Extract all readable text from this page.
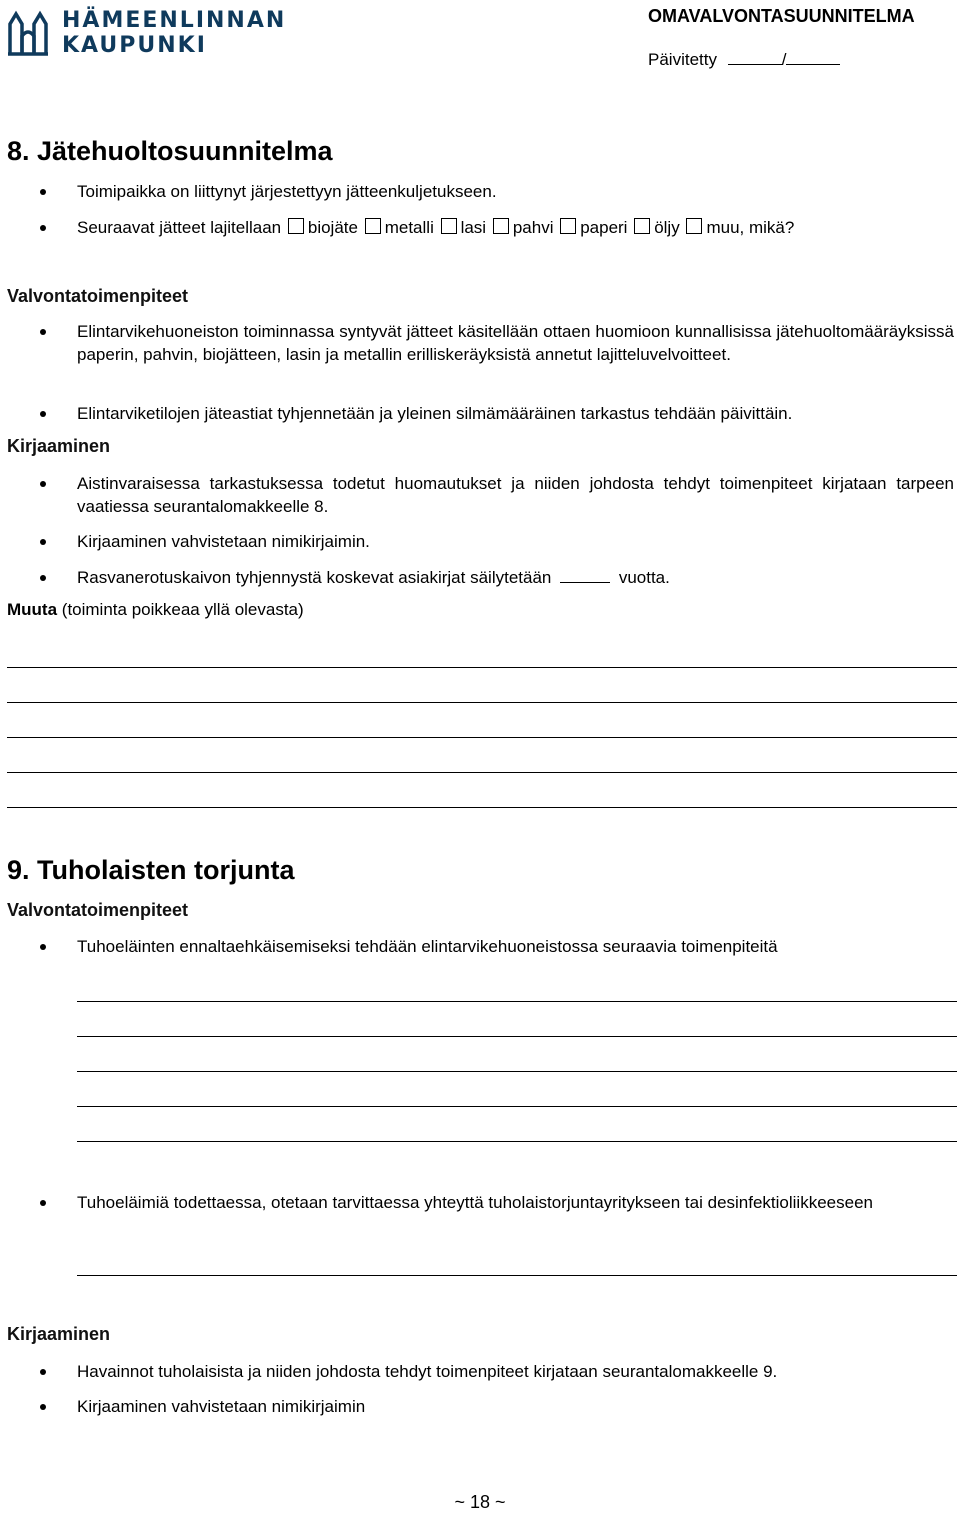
HÄMEENLINNAN
KAUPUNKI
OMAVALVONTASUUNNITELMA
Päivitetty	/
8. Jätehuoltosuunnitelma
Toimipaikka on liittynyt järjestettyyn jätteenkuljetukseen.
Seuraavat jätteet lajitellaan biojäte metalli lasi pahvi paperi öljy muu, mikä?
Valvontatoimenpiteet
Elintarvikehuoneiston toiminnassa syntyvät jätteet käsitellään ottaen huomioon kunnallisissa jätehuoltomääräyksissä paperin, pahvin, biojätteen, lasin ja metallin erilliskeräyksistä annetut lajitteluvelvoitteet.
Elintarviketilojen jäteastiat tyhjennetään ja yleinen silmämääräinen tarkastus tehdään päivittäin.
Kirjaaminen
Aistinvaraisessa tarkastuksessa todetut huomautukset ja niiden johdosta tehdyt toimenpiteet kirjataan tarpeen vaatiessa seurantalomakkeelle 8.
Kirjaaminen vahvistetaan nimikirjaimin.
Rasvanerotuskaivon tyhjennystä koskevat asiakirjat säilytetään	vuotta.
Muuta (toiminta poikkeaa yllä olevasta)
9. Tuholaisten torjunta
Valvontatoimenpiteet
Tuhoeläinten ennaltaehkäisemiseksi tehdään elintarvikehuoneistossa seuraavia toimenpiteitä
Tuhoeläimiä todettaessa, otetaan tarvittaessa yhteyttä tuholaistorjuntayritykseen tai desinfektioliikkeeseen
Kirjaaminen
Havainnot tuholaisista ja niiden johdosta tehdyt toimenpiteet kirjataan seurantalomakkeelle 9.
Kirjaaminen vahvistetaan nimikirjaimin
~ 18 ~
